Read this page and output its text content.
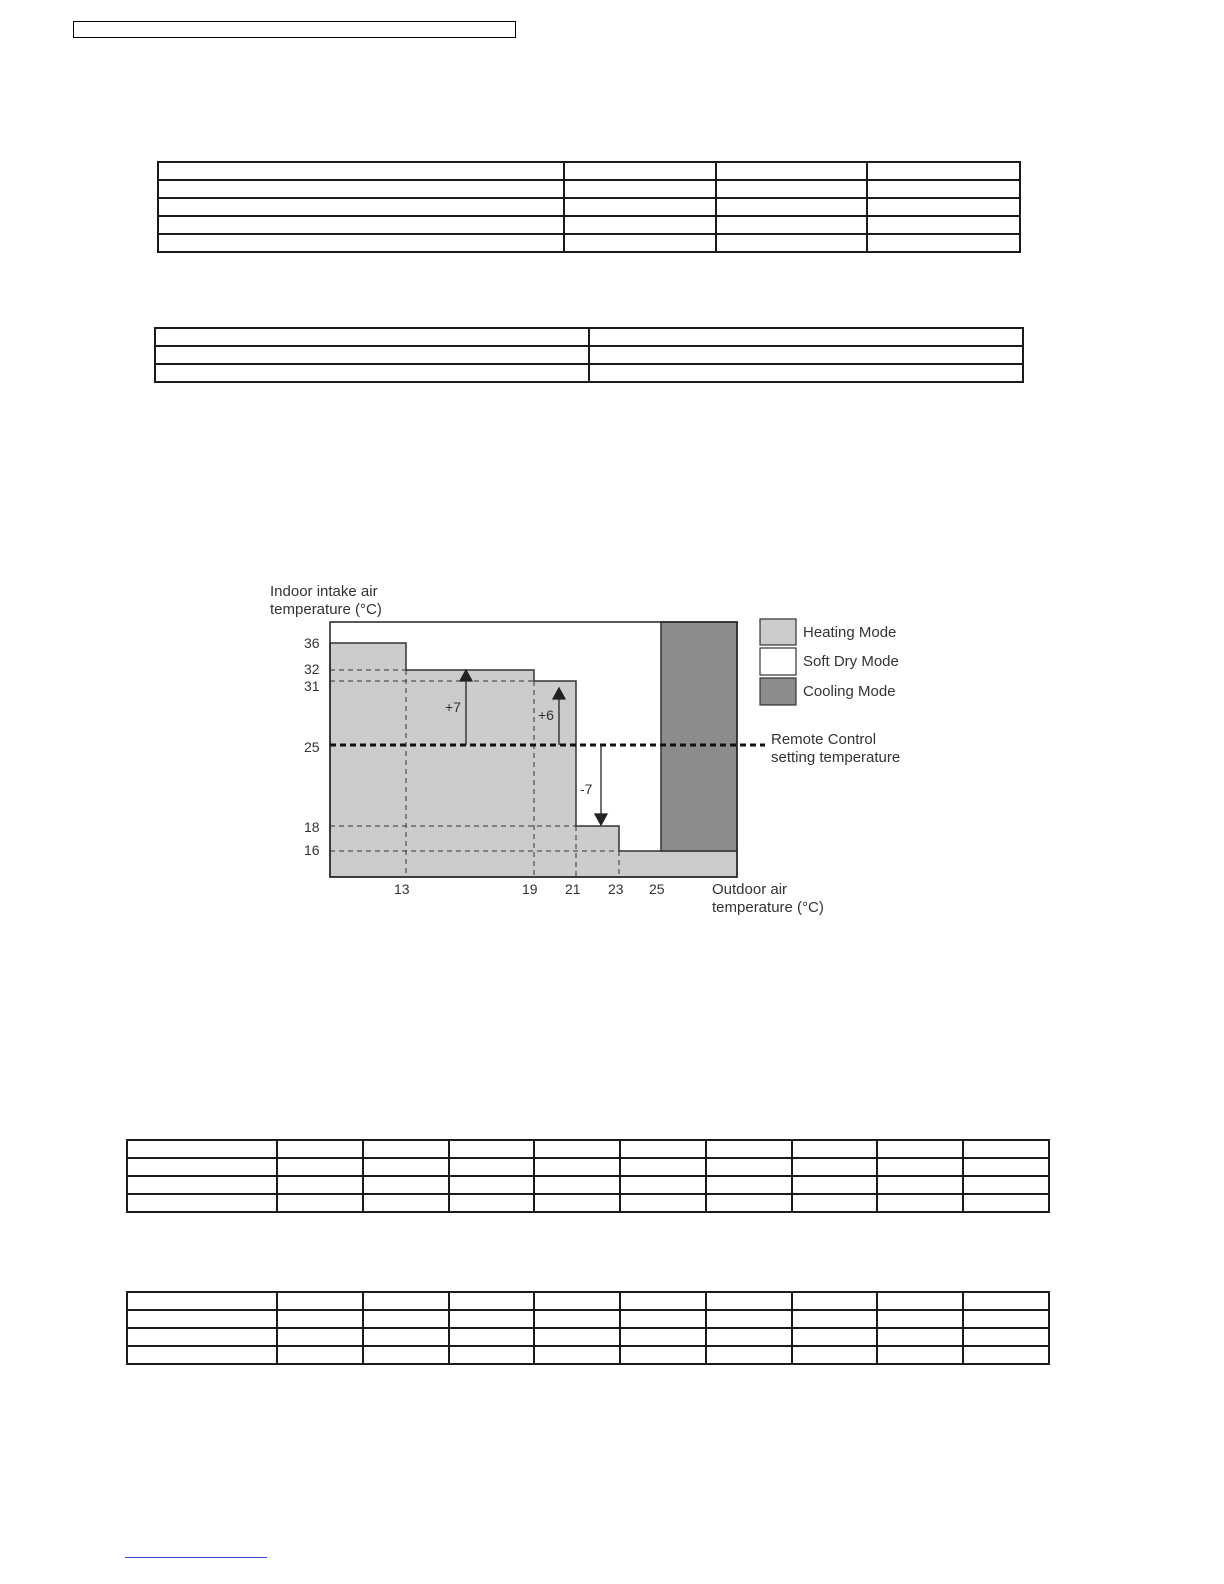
+7	+6
-7
Indoor intake air
temperature (°C)
36
32
31
25
18
16
13	19 21 23 25	Outdoor air
temperature (°C)
Heating Mode
Soft Dry Mode
Cooling Mode
Remote Control
setting temperature
